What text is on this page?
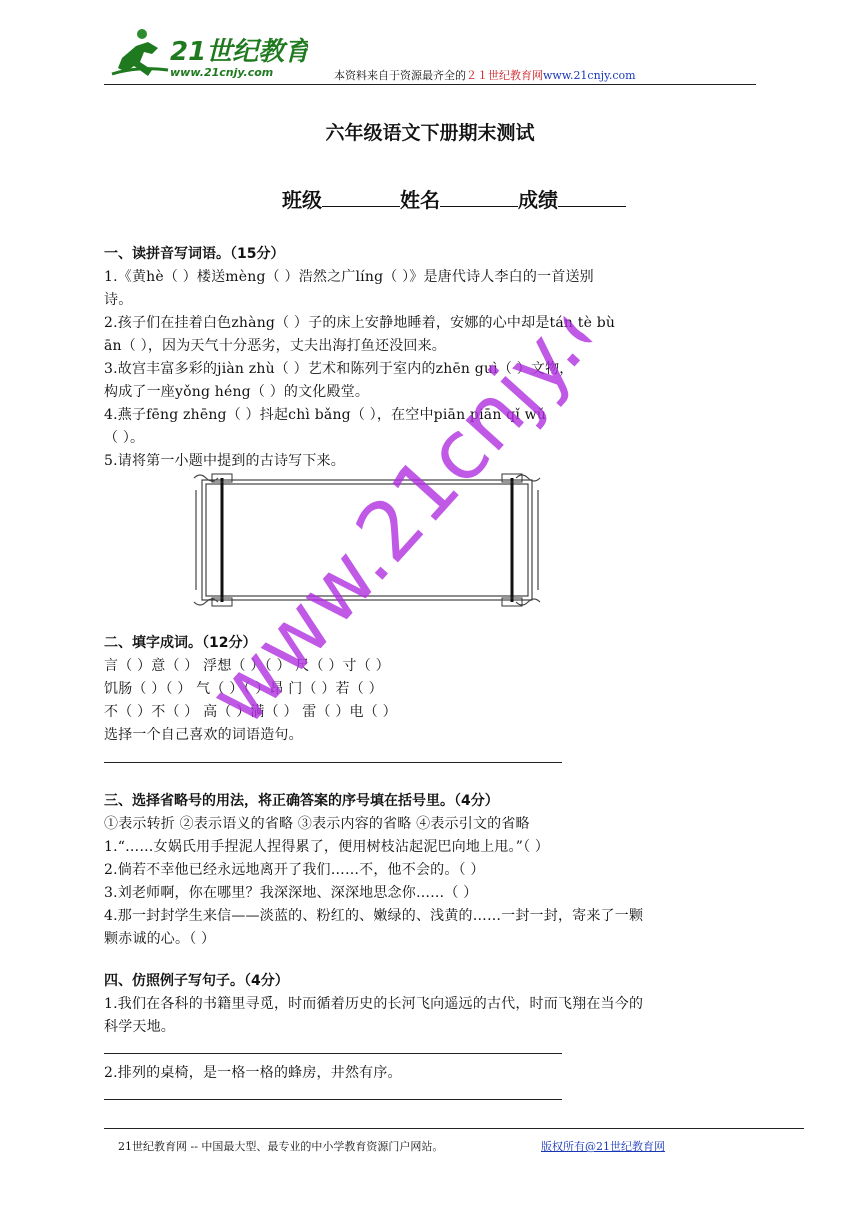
21世纪教育
www.21cnjy.com	本资料来自于资源最齐全的２１世纪教育网www.21cnjy.com
六年级语文下册期末测试
班级	姓名	成绩
一、读拼音写词语。（15分）
1.《黄hè（ ）楼送mèng（ ）浩然之广líng（ ）》是唐代诗人李白的一首送别
诗。
2.孩子们在挂着白色zhàng（ ）子的床上安静地睡着，安娜的心中却是tán tè bù
ān（ ），因为天气十分恶劣，丈夫出海打鱼还没回来。
3.故宫丰富多彩的jiàn zhù（ ）艺术和陈列于室内的zhēn guì（ ）文物，
构成了一座yǒng héng（ ）的文化殿堂。
4.燕子fēng zhēng（ ）抖起chì bǎng（ ），在空中piān piān qǐ wǔ
（ ）。
5.请将第一小题中提到的古诗写下来。
二、填字成词。（12分）
言（ ）意（ ） 浮想（ ）（ ） 尺（ ）寸（ ）
饥肠（ ）（ ） 气（ ）（ ）昂 门（ ）若（ ）
不（ ）不（ ） 高（ ）满（ ） 雷（ ）电（ ）
选择一个自己喜欢的词语造句。
三、选择省略号的用法，将正确答案的序号填在括号里。（4分）
①表示转折 ②表示语义的省略 ③表示内容的省略 ④表示引文的省略
1.“……女娲氏用手捏泥人捏得累了，便用树枝沾起泥巴向地上甩。”（ ）
2.倘若不幸他已经永远地离开了我们……不，他不会的。（ ）
3.刘老师啊，你在哪里？我深深地、深深地思念你……（ ）
4.那一封封学生来信——淡蓝的、粉红的、嫩绿的、浅黄的……一封一封，寄来了一颗
颗赤诚的心。（ ）
四、仿照例子写句子。（4分）
1.我们在各科的书籍里寻觅，时而循着历史的长河飞向遥远的古代，时而飞翔在当今的
科学天地。
2.排列的桌椅，是一格一格的蜂房，井然有序。
www.21cnjy.com
21世纪教育网 -- 中国最大型、最专业的中小学教育资源门户网站。	版权所有@21世纪教育网
